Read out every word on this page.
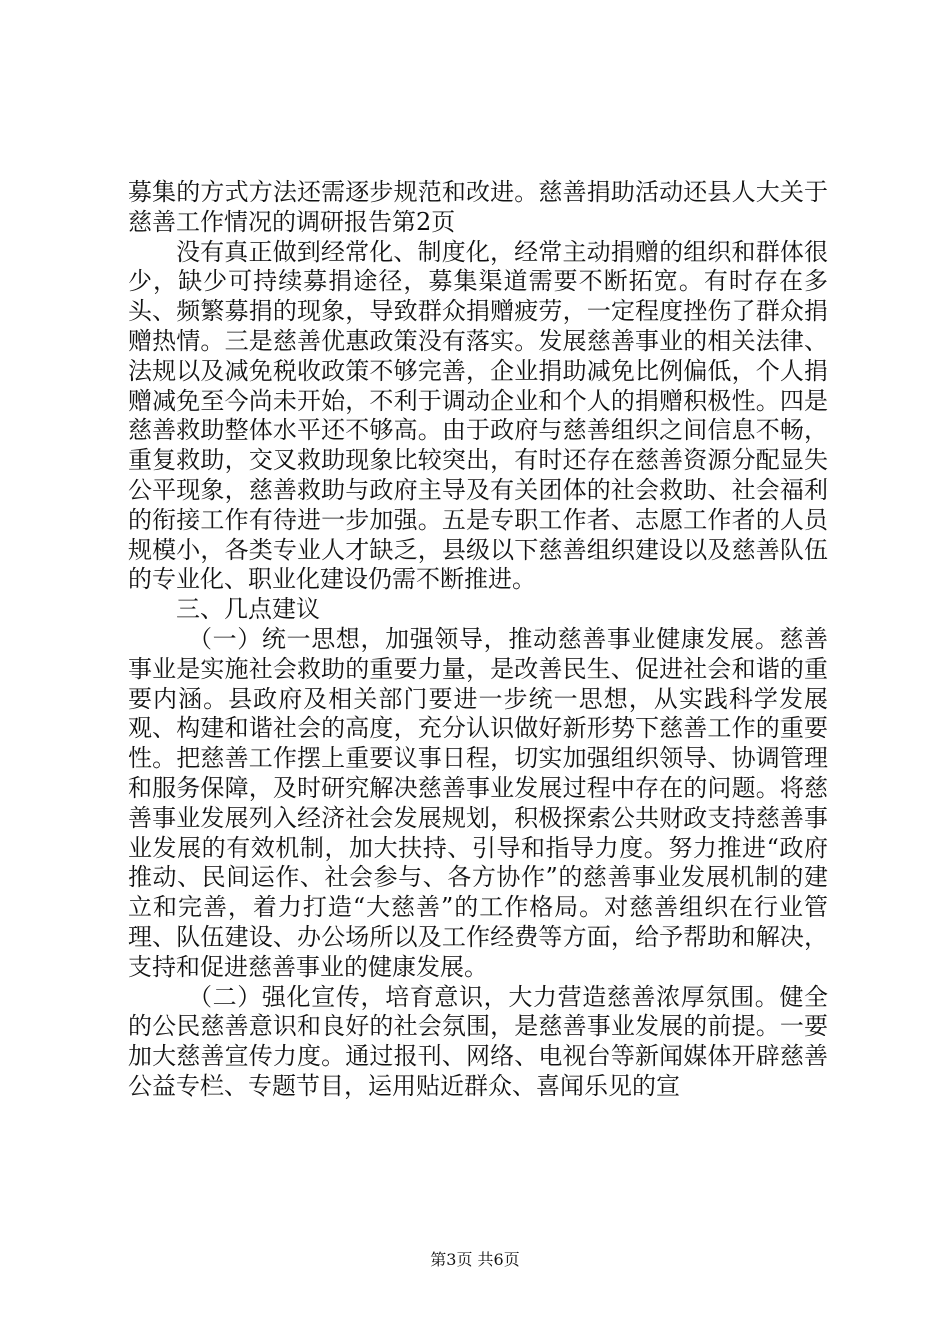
募集的方式方法还需逐步规范和改进。慈善捐助活动还县人大关于慈善工作情况的调研报告第2页

没有真正做到经常化、制度化，经常主动捐赠的组织和群体很少，缺少可持续募捐途径，募集渠道需要不断拓宽。有时存在多头、频繁募捐的现象，导致群众捐赠疲劳，一定程度挫伤了群众捐赠热情。三是慈善优惠政策没有落实。发展慈善事业的相关法律、法规以及减免税收政策不够完善，企业捐助减免比例偏低，个人捐赠减免至今尚未开始，不利于调动企业和个人的捐赠积极性。四是慈善救助整体水平还不够高。由于政府与慈善组织之间信息不畅，重复救助，交叉救助现象比较突出，有时还存在慈善资源分配显失公平现象，慈善救助与政府主导及有关团体的社会救助、社会福利的衔接工作有待进一步加强。五是专职工作者、志愿工作者的人员规模小，各类专业人才缺乏，县级以下慈善组织建设以及慈善队伍的专业化、职业化建设仍需不断推进。

三、几点建议

（一）统一思想，加强领导，推动慈善事业健康发展。慈善事业是实施社会救助的重要力量，是改善民生、促进社会和谐的重要内涵。县政府及相关部门要进一步统一思想，从实践科学发展观、构建和谐社会的高度，充分认识做好新形势下慈善工作的重要性。把慈善工作摆上重要议事日程，切实加强组织领导、协调管理和服务保障，及时研究解决慈善事业发展过程中存在的问题。将慈善事业发展列入经济社会发展规划，积极探索公共财政支持慈善事业发展的有效机制，加大扶持、引导和指导力度。努力推进“政府推动、民间运作、社会参与、各方协作”的慈善事业发展机制的建立和完善，着力打造“大慈善”的工作格局。对慈善组织在行业管理、队伍建设、办公场所以及工作经费等方面，给予帮助和解决，支持和促进慈善事业的健康发展。

（二）强化宣传，培育意识，大力营造慈善浓厚氛围。健全的公民慈善意识和良好的社会氛围，是慈善事业发展的前提。一要加大慈善宣传力度。通过报刊、网络、电视台等新闻媒体开辟慈善公益专栏、专题节目，运用贴近群众、喜闻乐见的宣

第3页 共6页
